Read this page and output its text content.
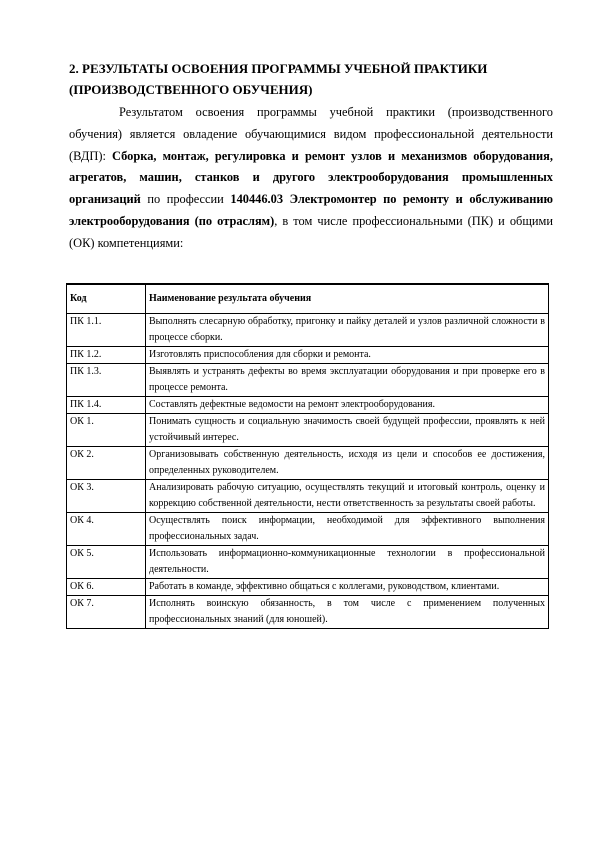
2. РЕЗУЛЬТАТЫ ОСВОЕНИЯ ПРОГРАММЫ УЧЕБНОЙ ПРАКТИКИ
(ПРОИЗВОДСТВЕННОГО ОБУЧЕНИЯ)

Результатом освоения программы учебной практики (производственного обучения) является овладение обучающимися видом профессиональной деятельности (ВДП): Сборка, монтаж, регулировка и ремонт узлов и механизмов оборудования, агрегатов, машин, станков и другого электрооборудования промышленных организаций по профессии 140446.03 Электромонтер по ремонту и обслуживанию электрооборудования (по отраслям), в том числе профессиональными (ПК) и общими (ОК) компетенциями:

Код	Наименование результата обучения
ПК 1.1.	Выполнять слесарную обработку, пригонку и пайку деталей и узлов различной сложности в процессе сборки.
ПК 1.2.	Изготовлять приспособления для сборки и ремонта.
ПК 1.3.	Выявлять и устранять дефекты во время эксплуатации оборудования и при проверке его в процессе ремонта.
ПК 1.4.	Составлять дефектные ведомости на ремонт электрооборудования.
ОК 1.	Понимать сущность и социальную значимость своей будущей профессии, проявлять к ней устойчивый интерес.
ОК 2.	Организовывать собственную деятельность, исходя из цели и способов ее достижения, определенных руководителем.
ОК 3.	Анализировать рабочую ситуацию, осуществлять текущий и итоговый контроль, оценку и коррекцию собственной деятельности, нести ответственность за результаты своей работы.
ОК 4.	Осуществлять поиск информации, необходимой для эффективного выполнения профессиональных задач.
ОК 5.	Использовать информационно-коммуникационные технологии в профессиональной деятельности.
ОК 6.	Работать в команде, эффективно общаться с коллегами, руководством, клиентами.
ОК 7.	Исполнять воинскую обязанность, в том числе с применением полученных профессиональных знаний (для юношей).
